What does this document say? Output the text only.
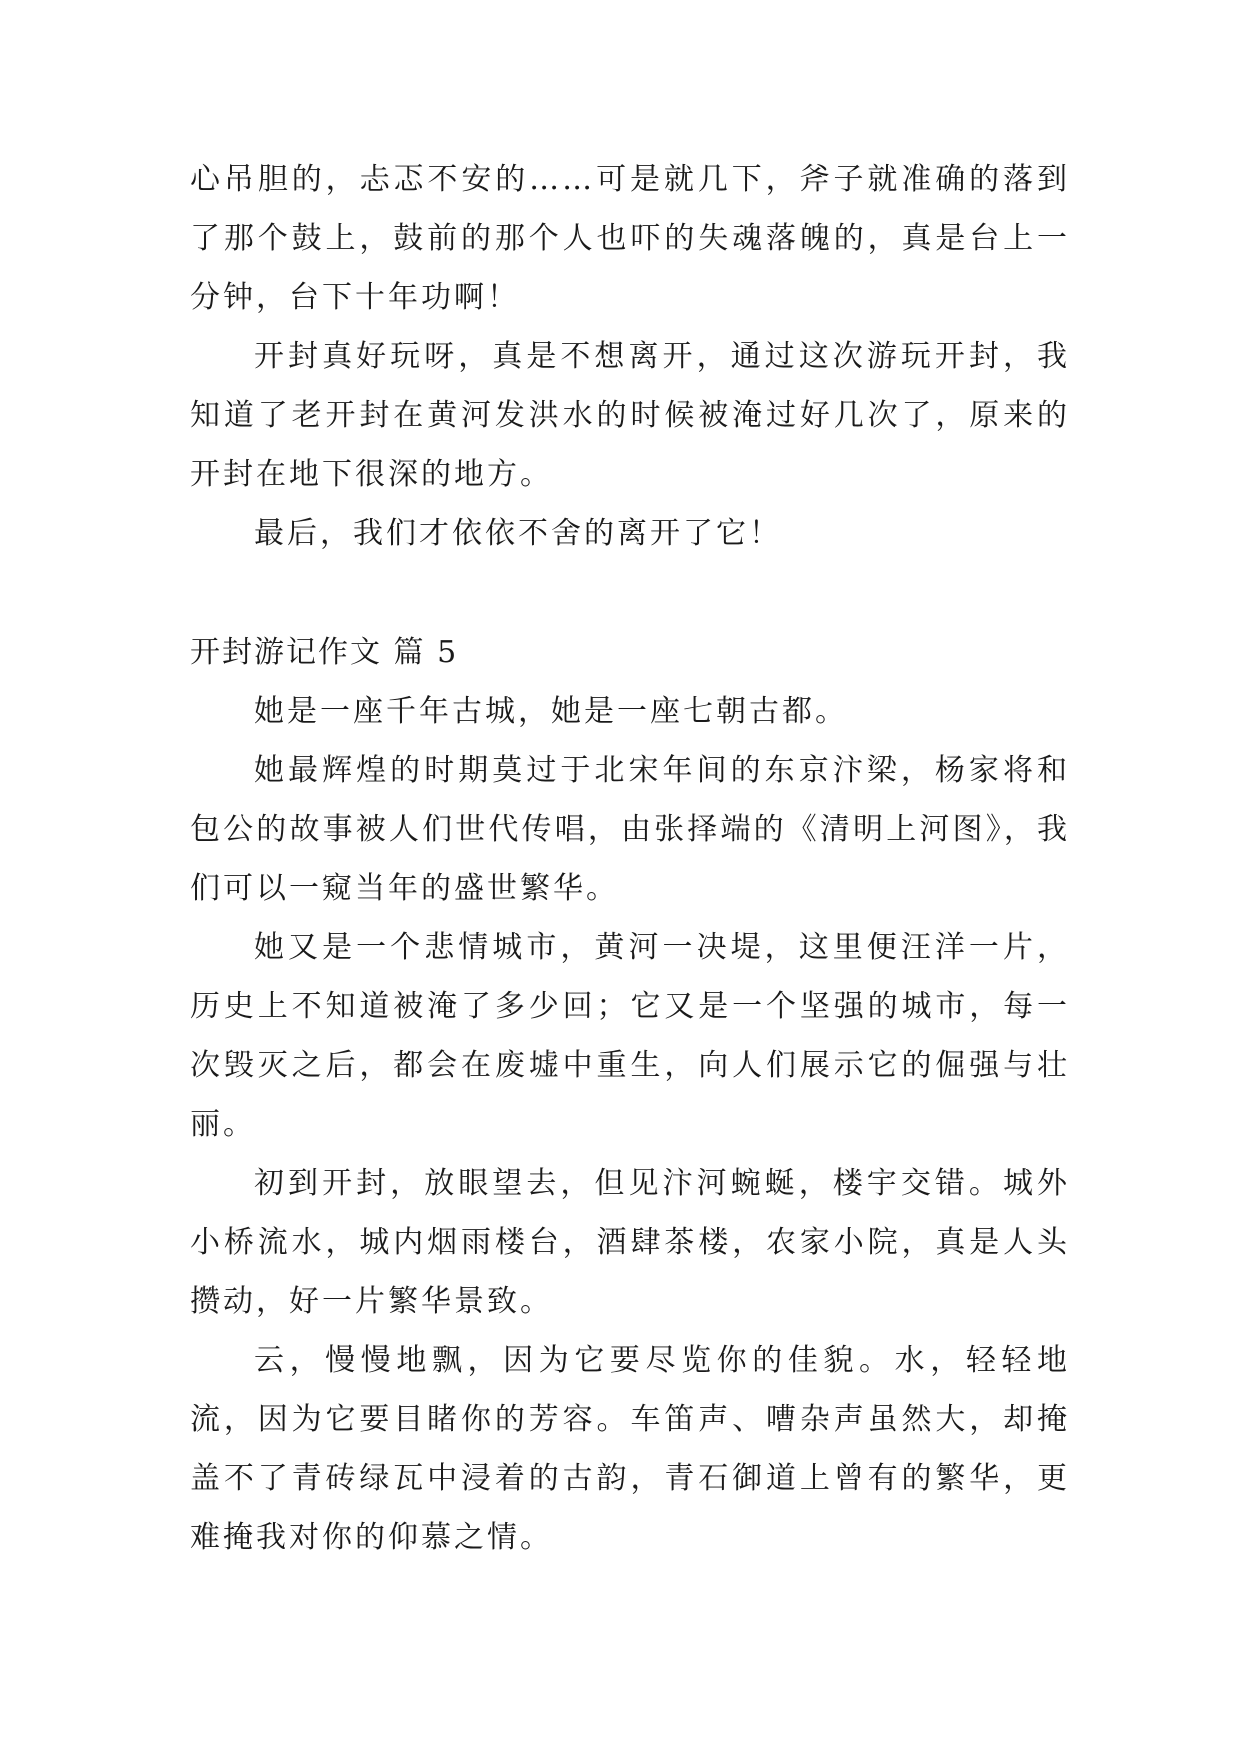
心吊胆的，忐忑不安的……可是就几下，斧子就准确的落到了那个鼓上，鼓前的那个人也吓的失魂落魄的，真是台上一分钟，台下十年功啊！

开封真好玩呀，真是不想离开，通过这次游玩开封，我知道了老开封在黄河发洪水的时候被淹过好几次了，原来的开封在地下很深的地方。

最后，我们才依依不舍的离开了它！

开封游记作文 篇 5

她是一座千年古城，她是一座七朝古都。

她最辉煌的时期莫过于北宋年间的东京汴梁，杨家将和包公的故事被人们世代传唱，由张择端的《清明上河图》，我们可以一窥当年的盛世繁华。

她又是一个悲情城市，黄河一决堤，这里便汪洋一片，历史上不知道被淹了多少回；它又是一个坚强的城市，每一次毁灭之后，都会在废墟中重生，向人们展示它的倔强与壮丽。

初到开封，放眼望去，但见汴河蜿蜒，楼宇交错。城外小桥流水，城内烟雨楼台，酒肆茶楼，农家小院，真是人头攒动，好一片繁华景致。

云，慢慢地飘，因为它要尽览你的佳貌。水，轻轻地流，因为它要目睹你的芳容。车笛声、嘈杂声虽然大，却掩盖不了青砖绿瓦中浸着的古韵，青石御道上曾有的繁华，更难掩我对你的仰慕之情。
